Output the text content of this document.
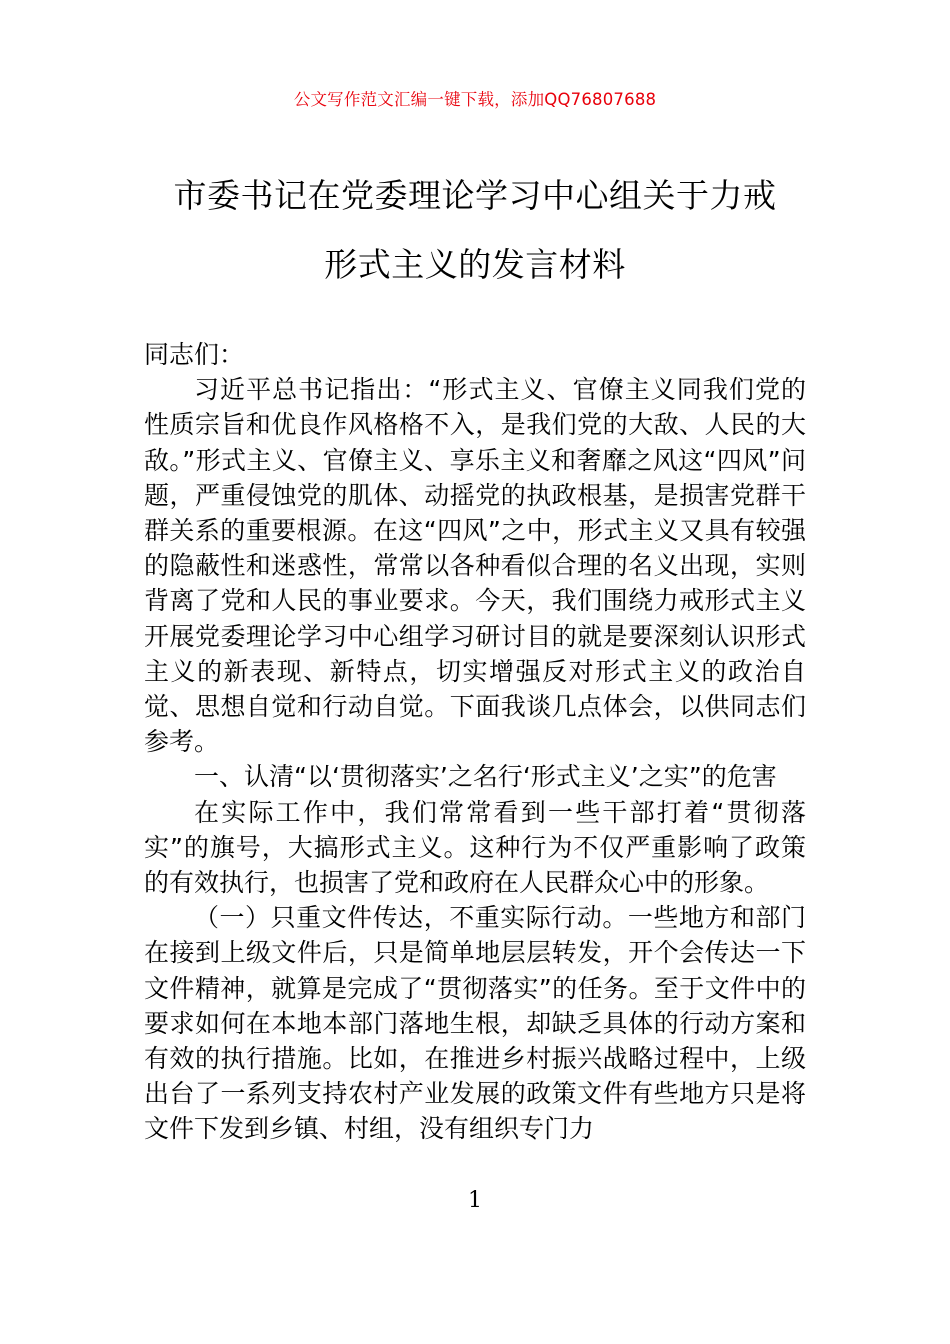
公文写作范文汇编一键下载，添加QQ76807688
市委书记在党委理论学习中心组关于力戒
形式主义的发言材料

同志们：

习近平总书记指出：“形式主义、官僚主义同我们党的性质宗旨和优良作风格格不入，是我们党的大敌、人民的大敌。”形式主义、官僚主义、享乐主义和奢靡之风这“四风”问题，严重侵蚀党的肌体、动摇党的执政根基，是损害党群干群关系的重要根源。在这“四风”之中，形式主义又具有较强的隐蔽性和迷惑性，常常以各种看似合理的名义出现，实则背离了党和人民的事业要求。今天，我们围绕力戒形式主义开展党委理论学习中心组学习研讨目的就是要深刻认识形式主义的新表现、新特点，切实增强反对形式主义的政治自觉、思想自觉和行动自觉。下面我谈几点体会，以供同志们参考。

一、认清“以‘贯彻落实’之名行‘形式主义’之实”的危害

在实际工作中，我们常常看到一些干部打着“贯彻落实”的旗号，大搞形式主义。这种行为不仅严重影响了政策的有效执行，也损害了党和政府在人民群众心中的形象。

（一）只重文件传达，不重实际行动。一些地方和部门在接到上级文件后，只是简单地层层转发，开个会传达一下文件精神，就算是完成了“贯彻落实”的任务。至于文件中的要求如何在本地本部门落地生根，却缺乏具体的行动方案和有效的执行措施。比如，在推进乡村振兴战略过程中，上级出台了一系列支持农村产业发展的政策文件有些地方只是将文件下发到乡镇、村组，没有组织专门力

1
